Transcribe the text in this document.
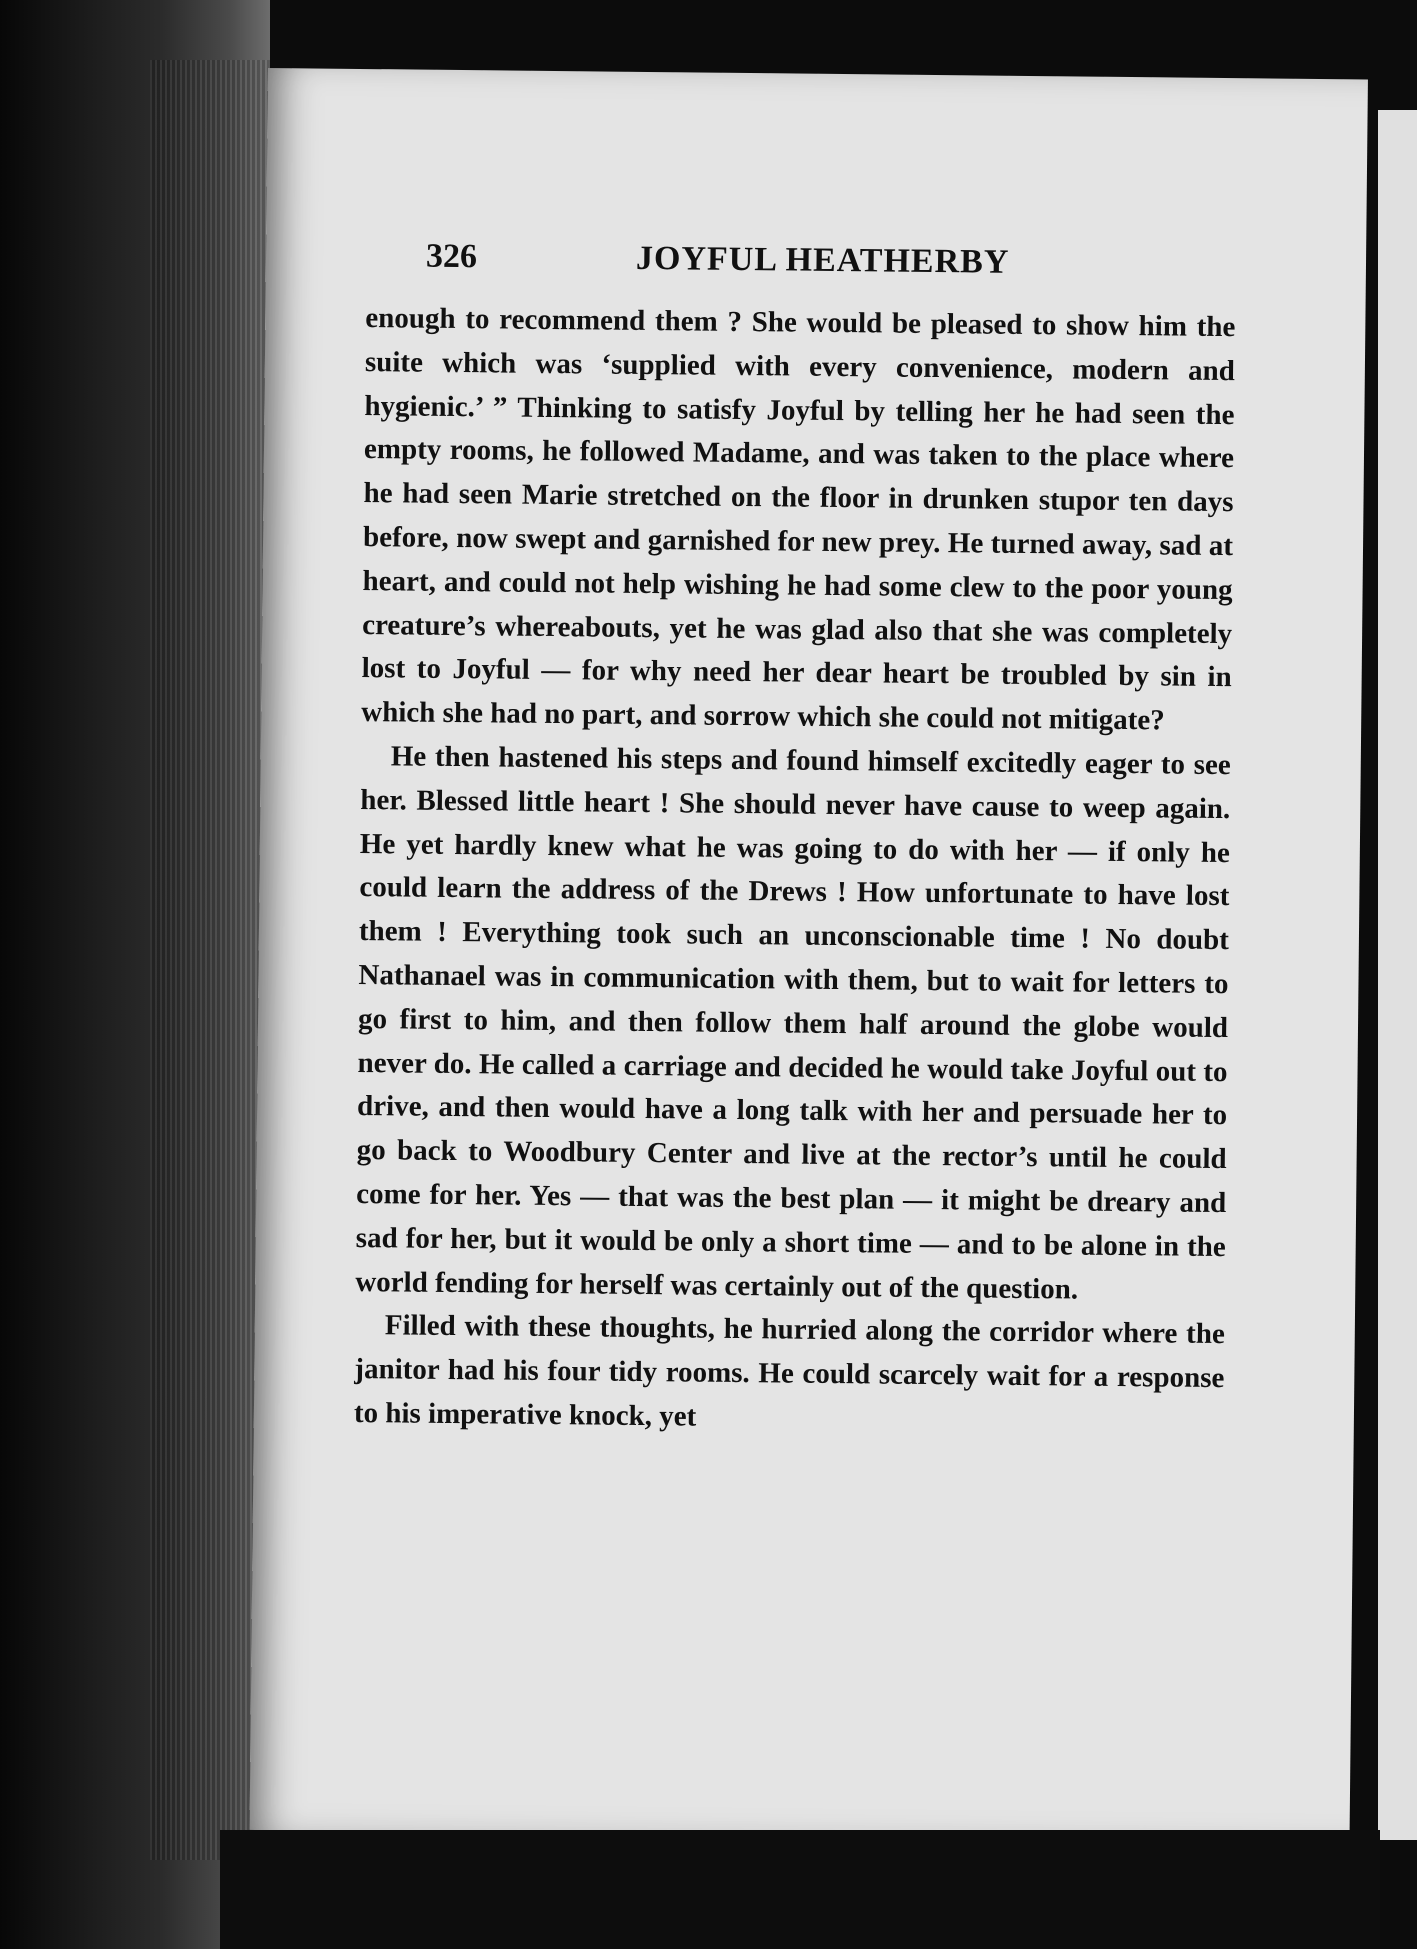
326	JOYFUL HEATHERBY

enough to recommend them ? She would be pleased to show him the suite which was ‘supplied with every convenience, modern and hygienic.’ ” Thinking to satisfy Joyful by telling her he had seen the empty rooms, he followed Madame, and was taken to the place where he had seen Marie stretched on the floor in drunken stupor ten days before, now swept and garnished for new prey. He turned away, sad at heart, and could not help wishing he had some clew to the poor young creature’s whereabouts, yet he was glad also that she was completely lost to Joyful — for why need her dear heart be troubled by sin in which she had no part, and sorrow which she could not mitigate?

He then hastened his steps and found himself excitedly eager to see her. Blessed little heart ! She should never have cause to weep again. He yet hardly knew what he was going to do with her — if only he could learn the address of the Drews ! How unfortunate to have lost them ! Everything took such an unconscionable time ! No doubt Nathanael was in communication with them, but to wait for letters to go first to him, and then follow them half around the globe would never do. He called a carriage and decided he would take Joyful out to drive, and then would have a long talk with her and persuade her to go back to Woodbury Center and live at the rector’s until he could come for her. Yes — that was the best plan — it might be dreary and sad for her, but it would be only a short time — and to be alone in the world fending for herself was certainly out of the question.

Filled with these thoughts, he hurried along the corridor where the janitor had his four tidy rooms. He could scarcely wait for a response to his imperative knock, yet
